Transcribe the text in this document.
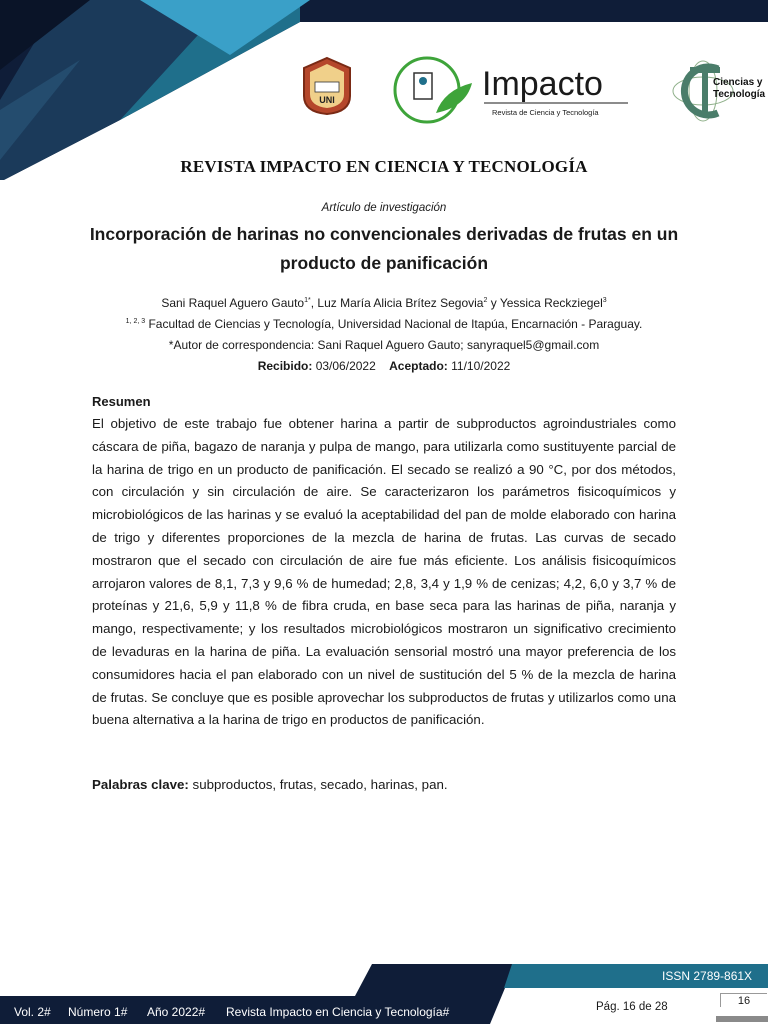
UNI	Impacto
Revista de Ciencia y Tecnología
Ciencias y
Tecnología
REVISTA IMPACTO EN CIENCIA Y TECNOLOGÍA
Artículo de investigación
Incorporación de harinas no convencionales derivadas de frutas en un producto de panificación
Sani Raquel Aguero Gauto$^{1*}$, Luz María Alicia Brítez Segovia$^2$ y Yessica Reckziegel$^3$
$^{1, 2, 3}$ Facultad de Ciencias y Tecnología, Universidad Nacional de Itapúa, Encarnación - Paraguay.
*Autor de correspondencia: Sani Raquel Aguero Gauto; sanyraquel5@gmail.com
Recibido: 03/06/2022 Aceptado: 11/10/2022
Resumen
El objetivo de este trabajo fue obtener harina a partir de subproductos agroindustriales como cáscara de piña, bagazo de naranja y pulpa de mango, para utilizarla como sustituyente parcial de la harina de trigo en un producto de panificación. El secado se realizó a 90 °C, por dos métodos, con circulación y sin circulación de aire. Se caracterizaron los parámetros fisicoquímicos y microbiológicos de las harinas y se evaluó la aceptabilidad del pan de molde elaborado con harina de trigo y diferentes proporciones de la mezcla de harina de frutas. Las curvas de secado mostraron que el secado con circulación de aire fue más eficiente. Los análisis fisicoquímicos arrojaron valores de 8,1, 7,3 y 9,6 % de humedad; 2,8, 3,4 y 1,9 % de cenizas; 4,2, 6,0 y 3,7 % de proteínas y 21,6, 5,9 y 11,8 % de fibra cruda, en base seca para las harinas de piña, naranja y mango, respectivamente; y los resultados microbiológicos mostraron un significativo crecimiento de levaduras en la harina de piña. La evaluación sensorial mostró una mayor preferencia de los consumidores hacia el pan elaborado con un nivel de sustitución del 5 % de la mezcla de harina de frutas. Se concluye que es posible aprovechar los subproductos de frutas y utilizarlos como una buena alternativa a la harina de trigo en productos de panificación.
Palabras clave: subproductos, frutas, secado, harinas, pan.
ISSN 2789-861X
Vol. 2# Número 1# Año 2022# Revista Impacto en Ciencia y Tecnología#	Pág. 16 de 28	16
